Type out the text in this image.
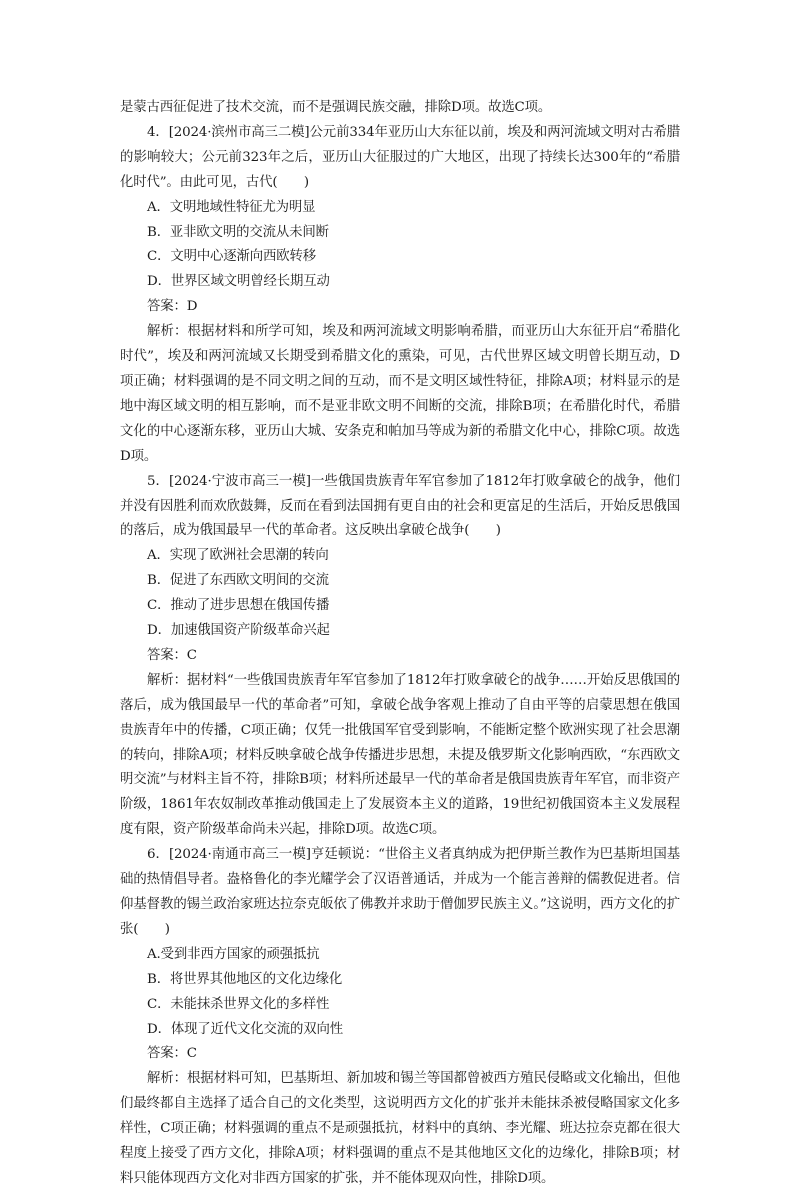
是蒙古西征促进了技术交流，而不是强调民族交融，排除D项。故选C项。

4．[2024·滨州市高三二模]公元前334年亚历山大东征以前，埃及和两河流域文明对古希腊的影响较大；公元前323年之后，亚历山大征服过的广大地区，出现了持续长达300年的“希腊化时代”。由此可见，古代(　　)

A．文明地域性特征尤为明显

B．亚非欧文明的交流从未间断

C．文明中心逐渐向西欧转移

D．世界区域文明曾经长期互动

答案：D

解析：根据材料和所学可知，埃及和两河流域文明影响希腊，而亚历山大东征开启“希腊化时代”，埃及和两河流域又长期受到希腊文化的熏染，可见，古代世界区域文明曾长期互动，D项正确；材料强调的是不同文明之间的互动，而不是文明区域性特征，排除A项；材料显示的是地中海区域文明的相互影响，而不是亚非欧文明不间断的交流，排除B项；在希腊化时代，希腊文化的中心逐渐东移，亚历山大城、安条克和帕加马等成为新的希腊文化中心，排除C项。故选D项。

5．[2024·宁波市高三一模]一些俄国贵族青年军官参加了1812年打败拿破仑的战争，他们并没有因胜利而欢欣鼓舞，反而在看到法国拥有更自由的社会和更富足的生活后，开始反思俄国的落后，成为俄国最早一代的革命者。这反映出拿破仑战争(　　)

A．实现了欧洲社会思潮的转向

B．促进了东西欧文明间的交流

C．推动了进步思想在俄国传播

D．加速俄国资产阶级革命兴起

答案：C

解析：据材料“一些俄国贵族青年军官参加了1812年打败拿破仑的战争……开始反思俄国的落后，成为俄国最早一代的革命者”可知，拿破仑战争客观上推动了自由平等的启蒙思想在俄国贵族青年中的传播，C项正确；仅凭一批俄国军官受到影响，不能断定整个欧洲实现了社会思潮的转向，排除A项；材料反映拿破仑战争传播进步思想，未提及俄罗斯文化影响西欧，“东西欧文明交流”与材料主旨不符，排除B项；材料所述最早一代的革命者是俄国贵族青年军官，而非资产阶级，1861年农奴制改革推动俄国走上了发展资本主义的道路，19世纪初俄国资本主义发展程度有限，资产阶级革命尚未兴起，排除D项。故选C项。

6．[2024·南通市高三一模]亨廷顿说：“世俗主义者真纳成为把伊斯兰教作为巴基斯坦国基础的热情倡导者。盎格鲁化的李光耀学会了汉语普通话，并成为一个能言善辩的儒教促进者。信仰基督教的锡兰政治家班达拉奈克皈依了佛教并求助于僧伽罗民族主义。”这说明，西方文化的扩张(　　)

A.受到非西方国家的顽强抵抗

B．将世界其他地区的文化边缘化

C．未能抹杀世界文化的多样性

D．体现了近代文化交流的双向性

答案：C

解析：根据材料可知，巴基斯坦、新加坡和锡兰等国都曾被西方殖民侵略或文化输出，但他们最终都自主选择了适合自己的文化类型，这说明西方文化的扩张并未能抹杀被侵略国家文化多样性，C项正确；材料强调的重点不是顽强抵抗，材料中的真纳、李光耀、班达拉奈克都在很大程度上接受了西方文化，排除A项；材料强调的重点不是其他地区文化的边缘化，排除B项；材料只能体现西方文化对非西方国家的扩张，并不能体现双向性，排除D项。
